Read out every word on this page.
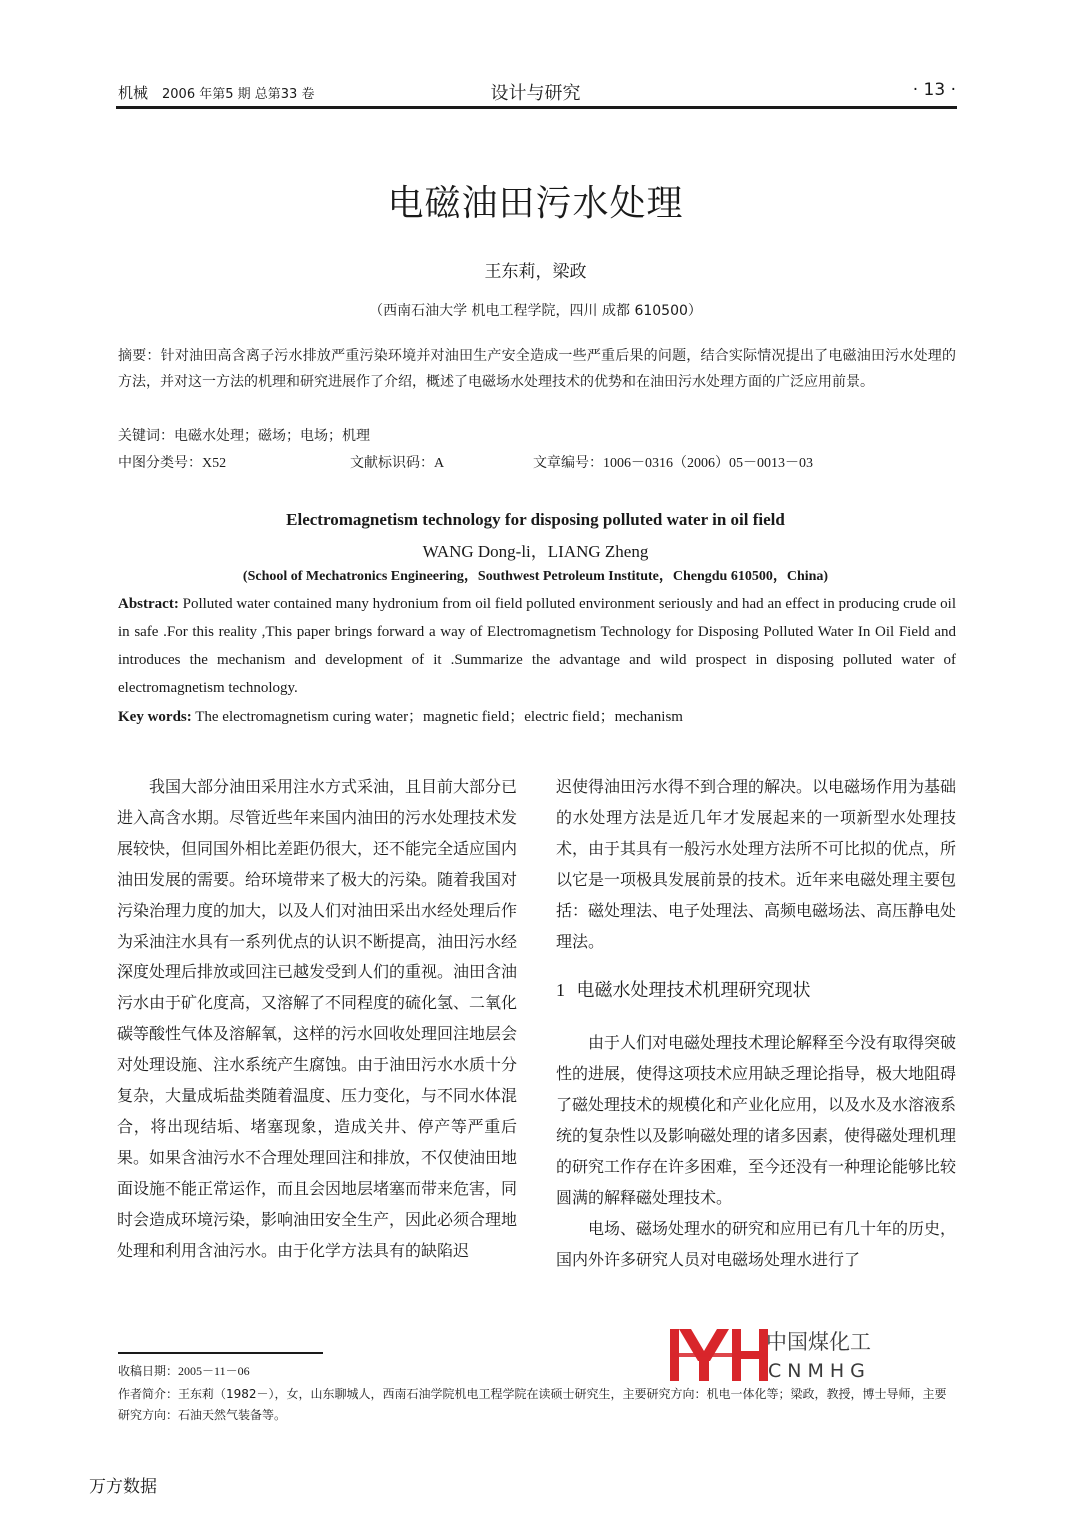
机械 2006 年第5 期 总第33 卷	设计与研究	· 13 ·
电磁油田污水处理
王东莉，梁政
（西南石油大学 机电工程学院，四川 成都 610500）
摘要：针对油田高含离子污水排放严重污染环境并对油田生产安全造成一些严重后果的问题，结合实际情况提出了电磁油田污水处理的方法，并对这一方法的机理和研究进展作了介绍，概述了电磁场水处理技术的优势和在油田污水处理方面的广泛应用前景。
关键词：电磁水处理；磁场；电场；机理
中图分类号：X52	文献标识码：A	文章编号：1006－0316（2006）05－0013－03
Electromagnetism technology for disposing polluted water in oil field
WANG Dong-li，LIANG Zheng
(School of Mechatronics Engineering，Southwest Petroleum Institute，Chengdu 610500，China)
Abstract: Polluted water contained many hydronium from oil field polluted environment seriously and had an effect in producing crude oil in safe .For this reality ,This paper brings forward a way of Electromagnetism Technology for Disposing Polluted Water In Oil Field and introduces the mechanism and development of it .Summarize the advantage and wild prospect in disposing polluted water of electromagnetism technology.
Key words: The electromagnetism curing water；magnetic field；electric field；mechanism

我国大部分油田采用注水方式采油，且目前大部分已进入高含水期。尽管近些年来国内油田的污水处理技术发展较快，但同国外相比差距仍很大，还不能完全适应国内油田发展的需要。给环境带来了极大的污染。随着我国对污染治理力度的加大，以及人们对油田采出水经处理后作为采油注水具有一系列优点的认识不断提高，油田污水经深度处理后排放或回注已越发受到人们的重视。油田含油污水由于矿化度高，又溶解了不同程度的硫化氢、二氧化碳等酸性气体及溶解氧，这样的污水回收处理回注地层会对处理设施、注水系统产生腐蚀。由于油田污水水质十分复杂，大量成垢盐类随着温度、压力变化，与不同水体混合，将出现结垢、堵塞现象，造成关井、停产等严重后果。如果含油污水不合理处理回注和排放，不仅使油田地面设施不能正常运作，而且会因地层堵塞而带来危害，同时会造成环境污染，影响油田安全生产，因此必须合理地处理和利用含油污水。由于化学方法具有的缺陷迟

迟使得油田污水得不到合理的解决。以电磁场作用为基础的水处理方法是近几年才发展起来的一项新型水处理技术，由于其具有一般污水处理方法所不可比拟的优点，所以它是一项极具发展前景的技术。近年来电磁处理主要包括：磁处理法、电子处理法、高频电磁场法、高压静电处理法。

1 电磁水处理技术机理研究现状

由于人们对电磁处理技术理论解释至今没有取得突破性的进展，使得这项技术应用缺乏理论指导，极大地阻碍了磁处理技术的规模化和产业化应用，以及水及水溶液系统的复杂性以及影响磁处理的诸多因素，使得磁处理机理的研究工作存在许多困难，至今还没有一种理论能够比较圆满的解释磁处理技术。

电场、磁场处理水的研究和应用已有几十年的历史，国内外许多研究人员对电磁场处理水进行了

收稿日期：2005－11－06
作者简介：王东莉（1982－），女，山东聊城人，西南石油学院机电工程学院在读硕士研究生，主要研究方向：机电一体化等；梁政，教授，博士导师，主要研究方向：石油天然气装备等。
中国煤化工
CNMHG
万方数据
